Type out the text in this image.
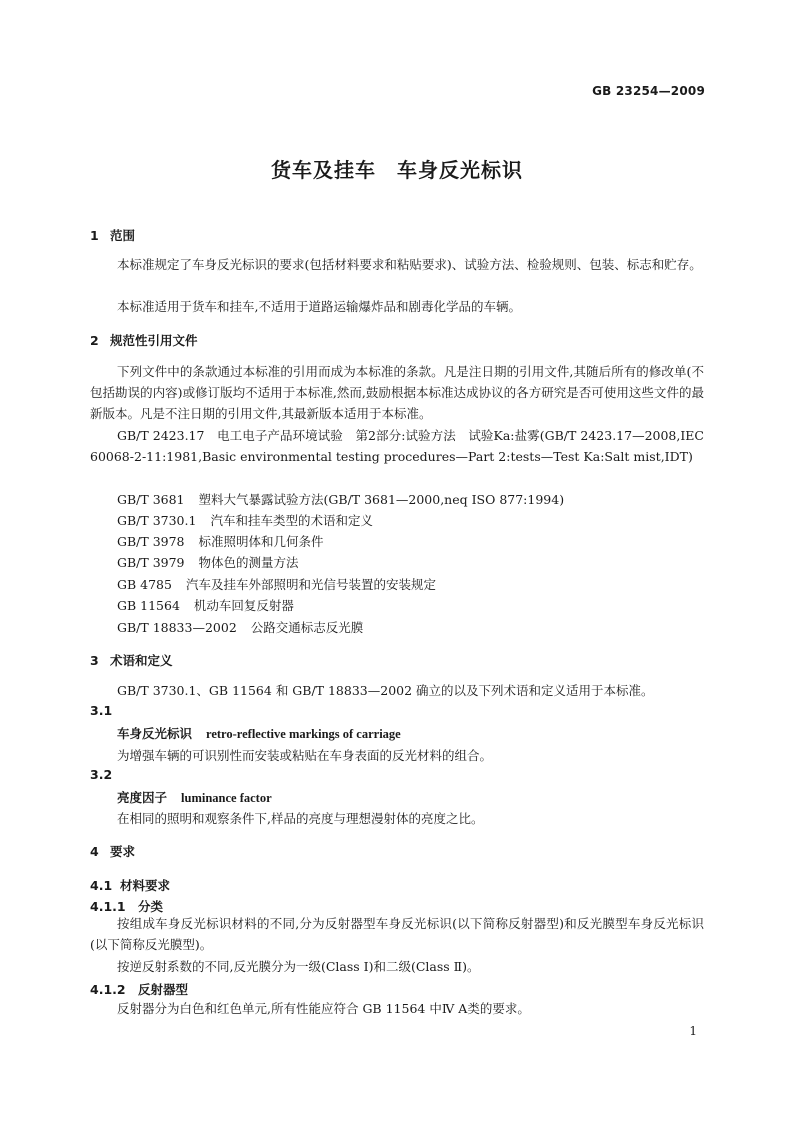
GB 23254—2009
货车及挂车　车身反光标识
1 范围
本标准规定了车身反光标识的要求(包括材料要求和粘贴要求)、试验方法、检验规则、包装、标志和贮存。
本标准适用于货车和挂车,不适用于道路运输爆炸品和剧毒化学品的车辆。
2 规范性引用文件
下列文件中的条款通过本标准的引用而成为本标准的条款。凡是注日期的引用文件,其随后所有的修改单(不包括勘误的内容)或修订版均不适用于本标准,然而,鼓励根据本标准达成协议的各方研究是否可使用这些文件的最新版本。凡是不注日期的引用文件,其最新版本适用于本标准。
GB/T 2423.17　电工电子产品环境试验　第2部分:试验方法　试验Ka:盐雾(GB/T 2423.17—2008,IEC 60068-2-11:1981,Basic environmental testing procedures—Part 2:tests—Test Ka:Salt mist,IDT)
GB/T 3681 塑料大气暴露试验方法(GB/T 3681—2000,neq ISO 877:1994)
GB/T 3730.1 汽车和挂车类型的术语和定义
GB/T 3978 标准照明体和几何条件
GB/T 3979 物体色的测量方法
GB 4785 汽车及挂车外部照明和光信号装置的安装规定
GB 11564 机动车回复反射器
GB/T 18833—2002 公路交通标志反光膜
3 术语和定义
GB/T 3730.1、GB 11564 和 GB/T 18833—2002 确立的以及下列术语和定义适用于本标准。
3.1
车身反光标识 retro-reflective markings of carriage
为增强车辆的可识别性而安装或粘贴在车身表面的反光材料的组合。
3.2
亮度因子 luminance factor
在相同的照明和观察条件下,样品的亮度与理想漫射体的亮度之比。
4 要求
4.1 材料要求
4.1.1 分类
按组成车身反光标识材料的不同,分为反射器型车身反光标识(以下简称反射器型)和反光膜型车身反光标识(以下简称反光膜型)。
按逆反射系数的不同,反光膜分为一级(Class Ⅰ)和二级(Class Ⅱ)。
4.1.2 反射器型
反射器分为白色和红色单元,所有性能应符合 GB 11564 中Ⅳ A类的要求。
1
